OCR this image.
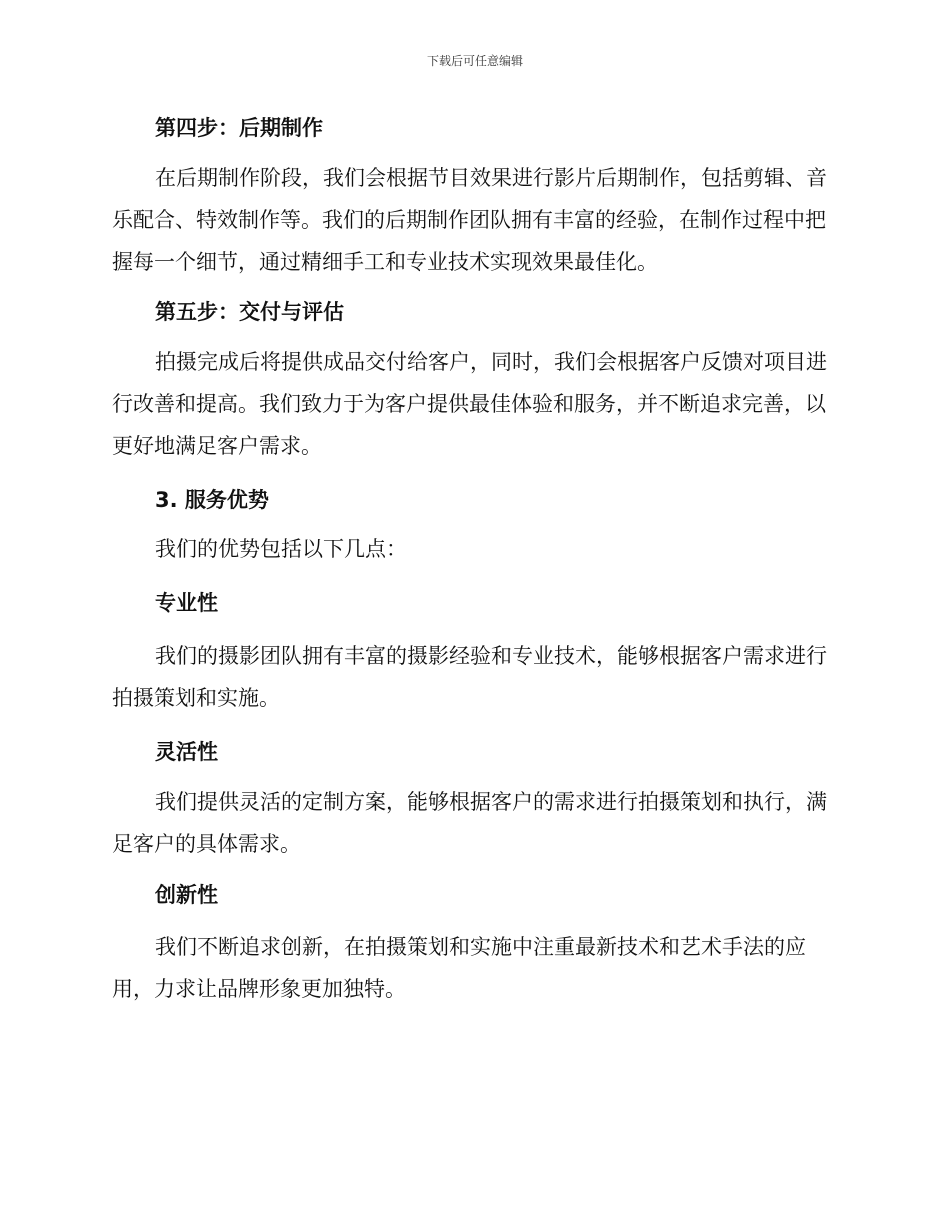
下载后可任意编辑

第四步：后期制作

在后期制作阶段，我们会根据节目效果进行影片后期制作，包括剪辑、音乐配合、特效制作等。我们的后期制作团队拥有丰富的经验，在制作过程中把握每一个细节，通过精细手工和专业技术实现效果最佳化。

第五步：交付与评估

拍摄完成后将提供成品交付给客户，同时，我们会根据客户反馈对项目进行改善和提高。我们致力于为客户提供最佳体验和服务，并不断追求完善，以更好地满足客户需求。

3. 服务优势

我们的优势包括以下几点：

专业性

我们的摄影团队拥有丰富的摄影经验和专业技术，能够根据客户需求进行拍摄策划和实施。

灵活性

我们提供灵活的定制方案，能够根据客户的需求进行拍摄策划和执行，满足客户的具体需求。

创新性

我们不断追求创新，在拍摄策划和实施中注重最新技术和艺术手法的应用，力求让品牌形象更加独特。
